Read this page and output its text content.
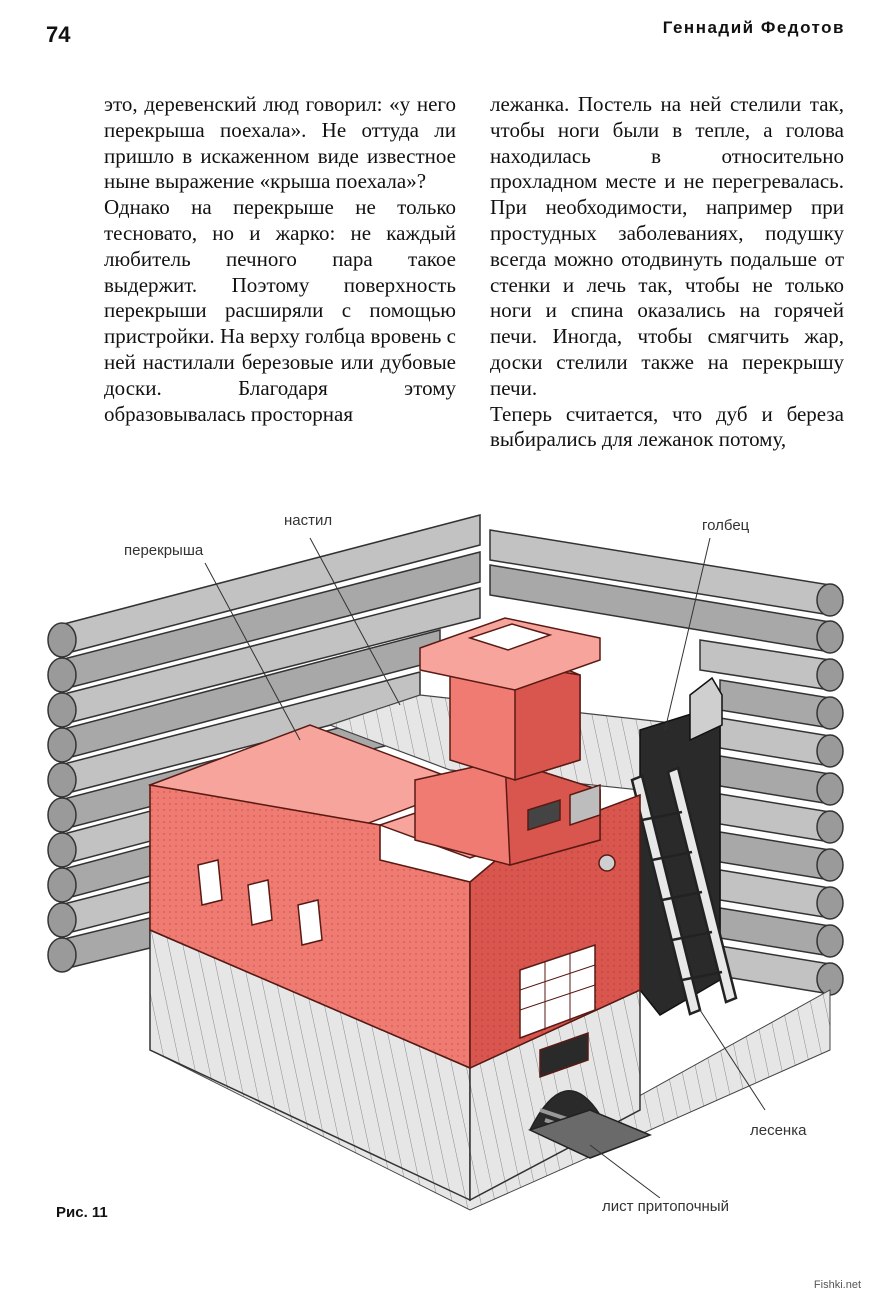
74	Геннадий Федотов

это, деревенский люд говорил: «у него перекрыша поехала». Не оттуда ли пришло в искаженном виде известное ныне выражение «крыша поехала»?

Однако на перекрыше не только тесновато, но и жарко: не каждый любитель печного пара такое выдержит. Поэтому поверхность перекрыши расширяли с помощью пристройки. На верху голбца вровень с ней настилали березовые или дубовые доски. Благодаря этому образовывалась просторная

лежанка. Постель на ней стелили так, чтобы ноги были в тепле, а голова находилась в относительно прохладном месте и не перегревалась. При необходимости, например при простудных заболеваниях, подушку всегда можно отодвинуть подальше от стенки и лечь так, чтобы не только ноги и спина оказались на горячей печи. Иногда, чтобы смягчить жар, доски стелили также на перекрышу печи.

Теперь считается, что дуб и береза выбирались для лежанок потому,

перекрыша
настил	голбец
лесенка
лист притопочный
Рис. 11
Fishki.net
